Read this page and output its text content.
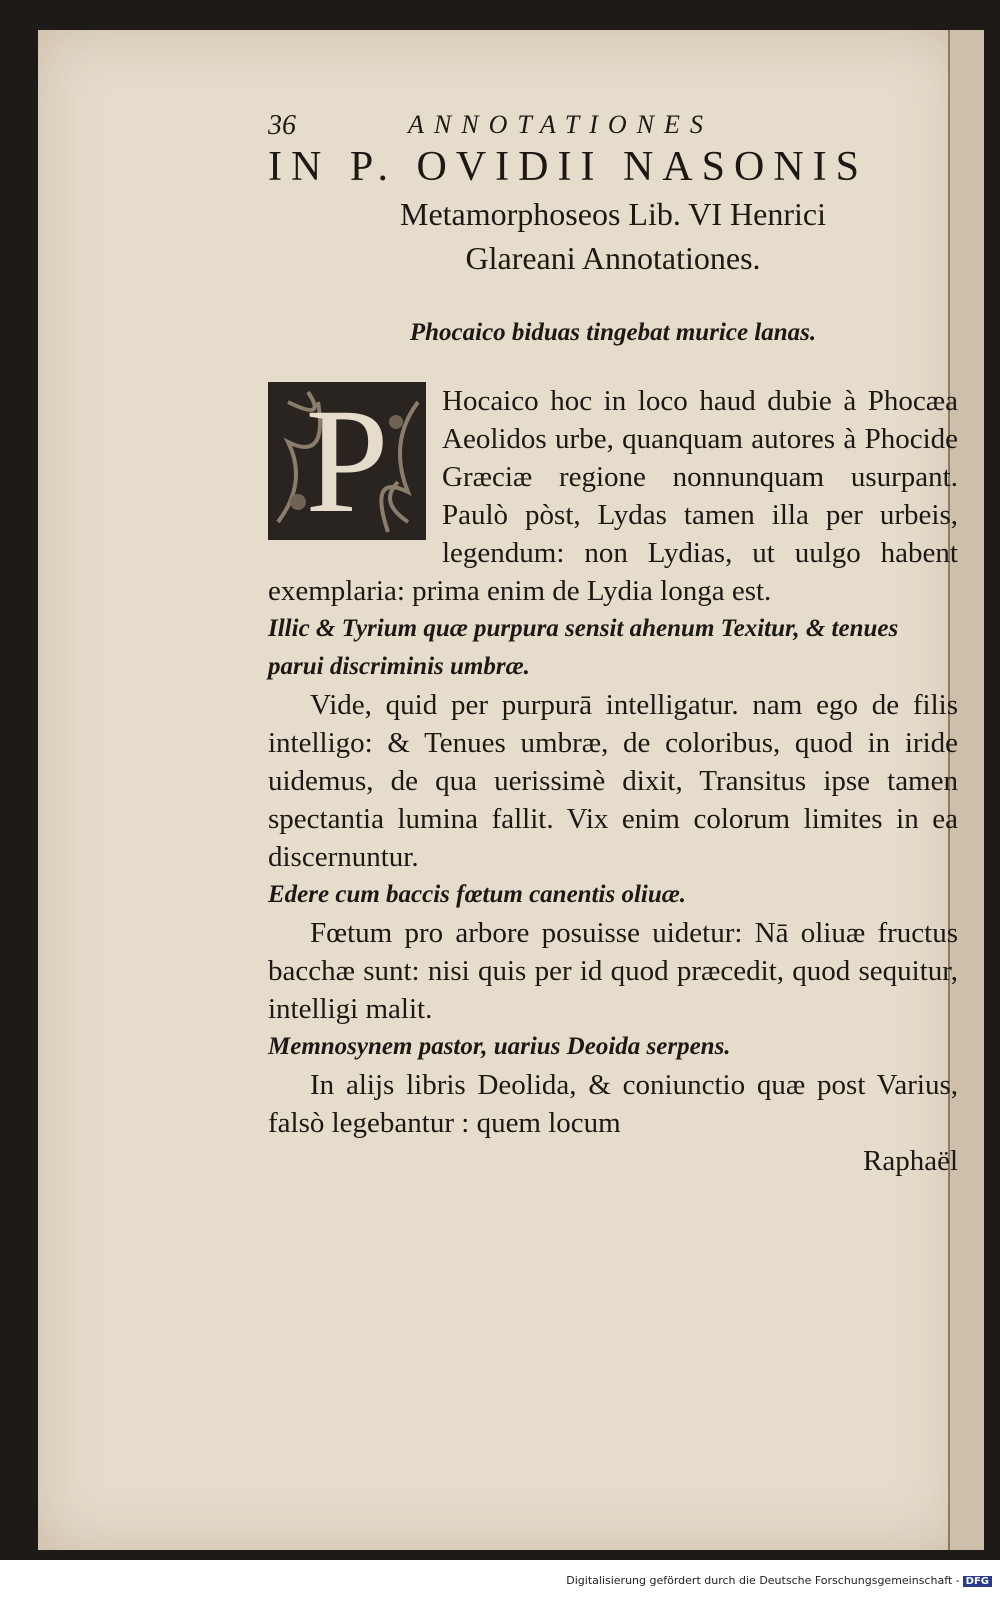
36	ANNOTATIONES
IN P. OVIDII NASONIS
Metamorphoseos Lib. VI Henrici
Glareani Annotationes.
Phocaico biduas tingebat murice lanas.

P	Hocaico hoc in loco haud dubie à Phocæa Aeolidos urbe, quanquam autores à Phocide Græciæ regione nonnunquam usurpant. Paulò pòst, Lydas tamen illa per urbeis, legendum: non Lydias, ut uulgo habent exemplaria: prima enim de Lydia longa est.

Illic & Tyrium quæ purpura sensit ahenum Texitur, & tenues parui discriminis umbræ.

Vide, quid per purpurā intelligatur. nam ego de filis intelligo: & Tenues umbræ, de coloribus, quod in iride uidemus, de qua uerissimè dixit, Transitus ipse tamen spectantia lumina fallit. Vix enim colorum limites in ea discernuntur.

Edere cum baccis fœtum canentis oliuæ.

Fœtum pro arbore posuisse uidetur: Nā oliuæ fructus bacchæ sunt: nisi quis per id quod præcedit, quod sequitur, intelligi malit.

Memnosynem pastor, uarius Deoida serpens.

In alijs libris Deolida, & coniunctio quæ post Varius, falsò legebantur : quem locum

Raphaël
Digitalisierung gefördert durch die Deutsche Forschungsgemeinschaft - DFG
